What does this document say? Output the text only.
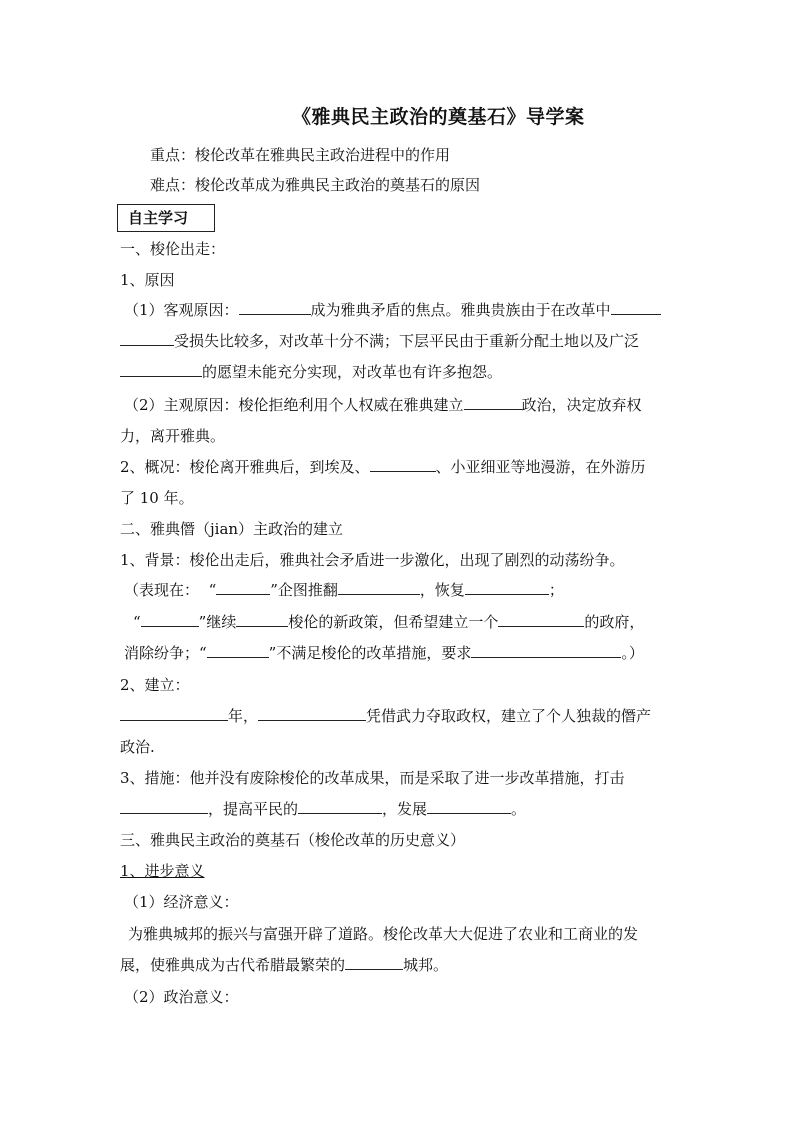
《雅典民主政治的奠基石》导学案
重点：梭伦改革在雅典民主政治进程中的作用
难点：梭伦改革成为雅典民主政治的奠基石的原因
自主学习
一、梭伦出走：
1、原因
（1）客观原因：	成为雅典矛盾的焦点。雅典贵族由于在改革中
受损失比较多，对改革十分不满；下层平民由于重新分配土地以及广泛
的愿望未能充分实现，对改革也有许多抱怨。
（2）主观原因：梭伦拒绝利用个人权威在雅典建立	政治，决定放弃权
力，离开雅典。
2、概况：梭伦离开雅典后，到埃及、	、小亚细亚等地漫游，在外游历
了 10 年。
二、雅典僭（jian）主政治的建立
1、背景：梭伦出走后，雅典社会矛盾进一步激化，出现了剧烈的动荡纷争。
（表现在： “	”企图推翻	，恢复	；
“	”继续	梭伦的新政策，但希望建立一个	的政府，
消除纷争；“	”不满足梭伦的改革措施，要求	。）
2、建立：
年，	凭借武力夺取政权，建立了个人独裁的僭产
政治.
3、措施：他并没有废除梭伦的改革成果，而是采取了进一步改革措施，打击
，提高平民的	，发展	。
三、雅典民主政治的奠基石（梭伦改革的历史意义）
1、进步意义
（1）经济意义：
为雅典城邦的振兴与富强开辟了道路。梭伦改革大大促进了农业和工商业的发
展，使雅典成为古代希腊最繁荣的	城邦。
（2）政治意义：
